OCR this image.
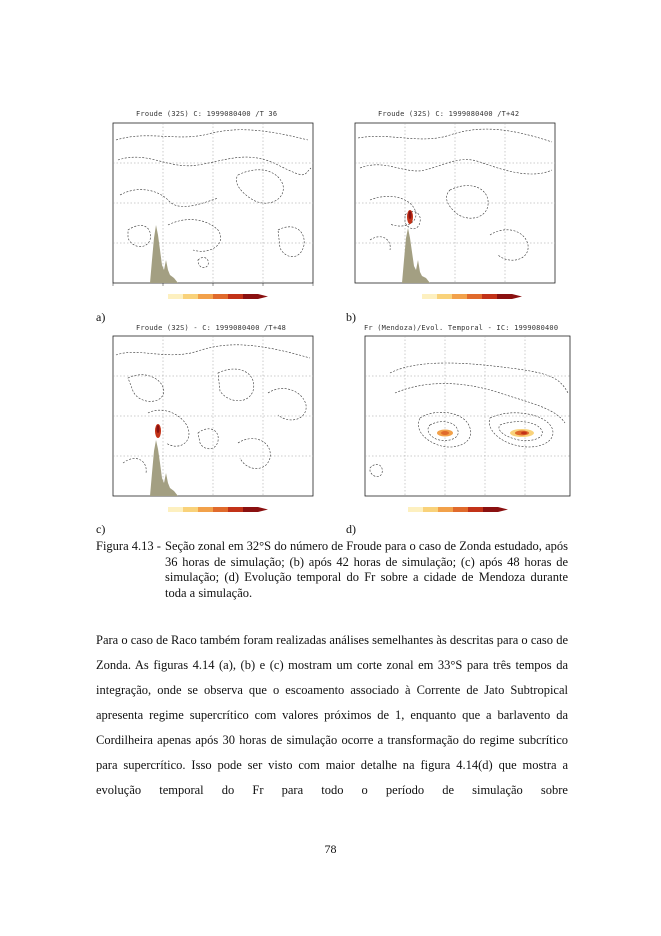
Froude (32S) C: 1999080400 /T 36
a)
Froude (32S) C: 1999080400 /T+42
b)
Froude (32S) - C: 1999080400 /T+48
c)
Fr (Mendoza)/Evol. Temporal - IC: 1999080400
d)
Figura 4.13 - Seção zonal em 32°S do número de Froude para o caso de Zonda estudado, após 36 horas de simulação; (b) após 42 horas de simulação; (c) após 48 horas de simulação; (d) Evolução temporal do Fr sobre a cidade de Mendoza durante toda a simulação.
Para o caso de Raco também foram realizadas análises semelhantes às descritas para o caso de Zonda. As figuras 4.14 (a), (b) e (c) mostram um corte zonal em 33°S para três tempos da integração, onde se observa que o escoamento associado à Corrente de Jato Subtropical apresenta regime supercrítico com valores próximos de 1, enquanto que a barlavento da Cordilheira apenas após 30 horas de simulação ocorre a transformação do regime subcrítico para supercrítico. Isso pode ser visto com maior detalhe na figura 4.14(d) que mostra a evolução temporal do Fr para todo o período de simulação sobre
78
